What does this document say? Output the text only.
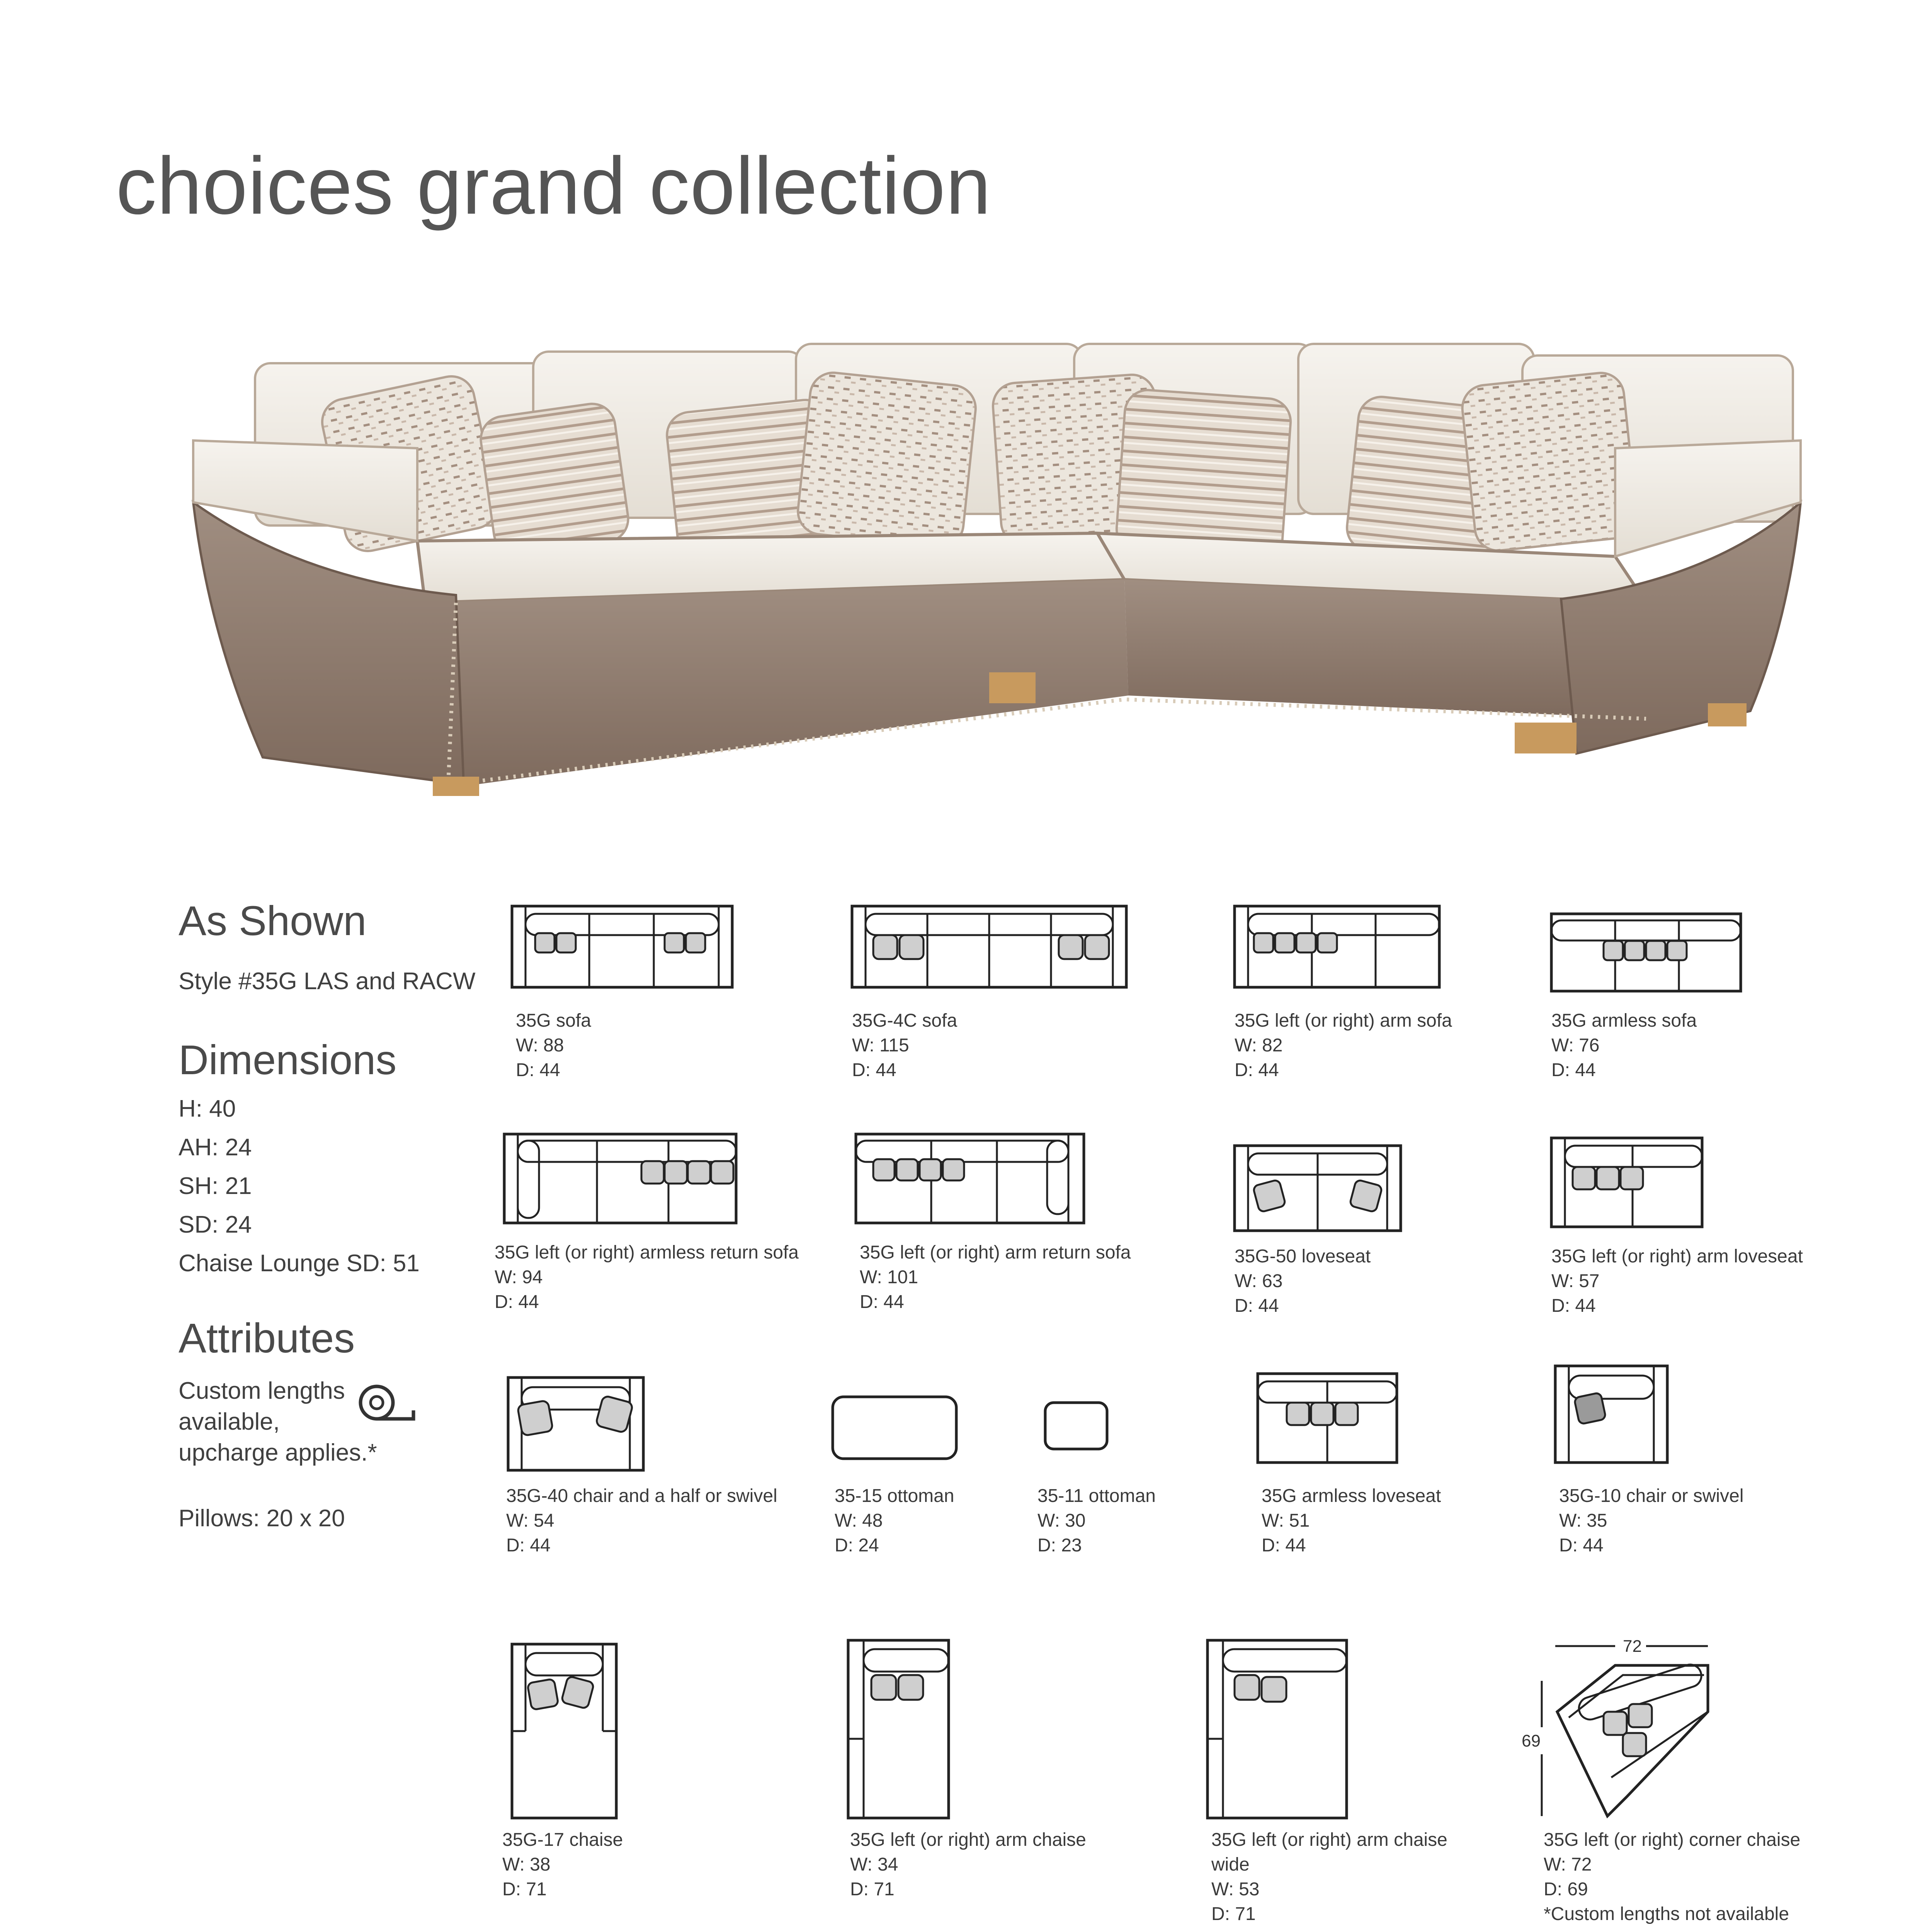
choices grand collection
As Shown
Style #35G LAS and RACW
Dimensions
H: 40
AH: 24
SH: 21
SD: 24
Chaise Lounge SD: 51
Attributes
Custom lengths
available,
upcharge applies.*
Pillows: 20 x 20
35G sofa
W: 88
D: 44
35G-4C sofa
W: 115
D: 44
35G left (or right) arm sofa
W: 82
D: 44
35G armless sofa
W: 76
D: 44
35G left (or right) armless return sofa
W: 94
D: 44
35G left (or right) arm return sofa
W: 101
D: 44
35G-50 loveseat
W: 63
D: 44
35G left (or right) arm loveseat
W: 57
D: 44
35G-40 chair and a half or swivel
W: 54
D: 44
35-15 ottoman
W: 48
D: 24
35-11 ottoman
W: 30
D: 23
35G armless loveseat
W: 51
D: 44
35G-10 chair or swivel
W: 35
D: 44
35G-17 chaise
W: 38
D: 71
35G left (or right) arm chaise
W: 34
D: 71
35G left (or right) arm chaise
wide
W: 53
D: 71
72
69
35G left (or right) corner chaise
W: 72
D: 69
*Custom lengths not available
